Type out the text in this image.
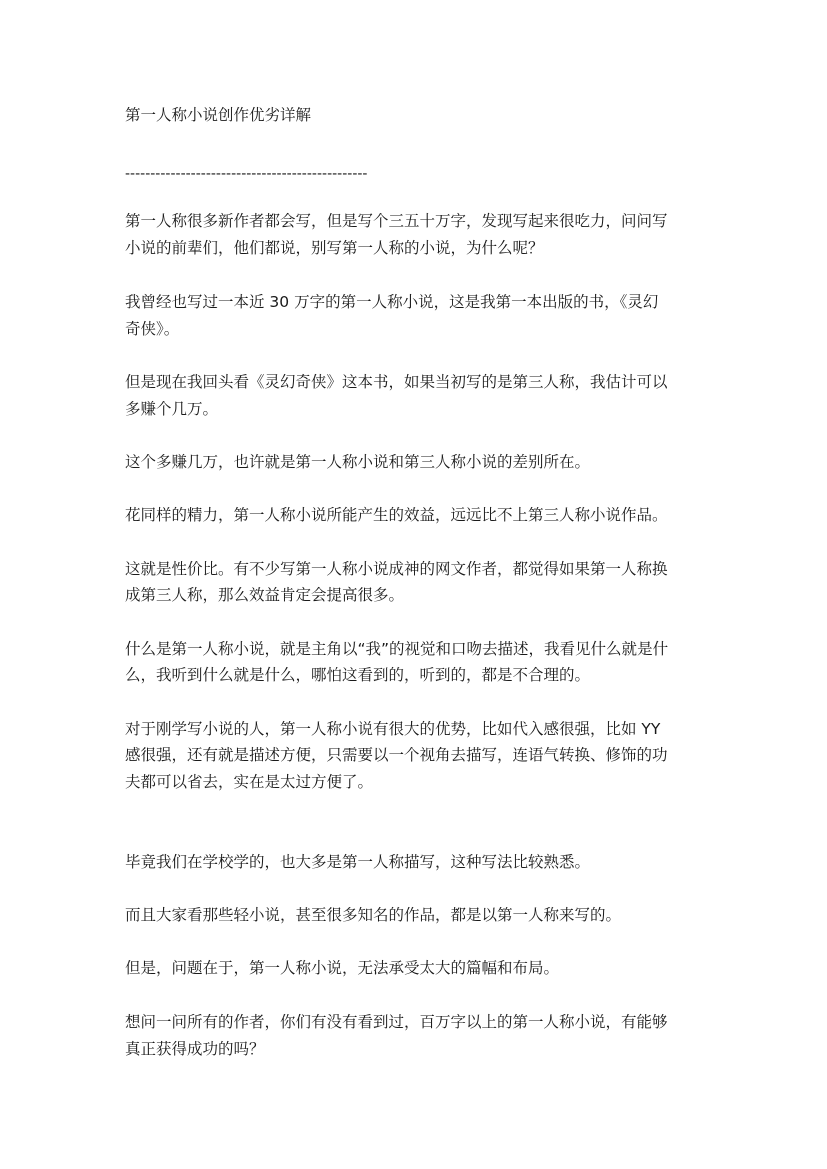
第一人称小说创作优劣详解
------------------------------------------------
第一人称很多新作者都会写，但是写个三五十万字，发现写起来很吃力，问问写
小说的前辈们，他们都说，别写第一人称的小说，为什么呢？
我曾经也写过一本近 30 万字的第一人称小说，这是我第一本出版的书，《灵幻
奇侠》。
但是现在我回头看《灵幻奇侠》这本书，如果当初写的是第三人称，我估计可以
多赚个几万。
这个多赚几万，也许就是第一人称小说和第三人称小说的差别所在。
花同样的精力，第一人称小说所能产生的效益，远远比不上第三人称小说作品。
这就是性价比。有不少写第一人称小说成神的网文作者，都觉得如果第一人称换
成第三人称，那么效益肯定会提高很多。
什么是第一人称小说，就是主角以“我”的视觉和口吻去描述，我看见什么就是什
么，我听到什么就是什么，哪怕这看到的，听到的，都是不合理的。
对于刚学写小说的人，第一人称小说有很大的优势，比如代入感很强，比如 YY
感很强，还有就是描述方便，只需要以一个视角去描写，连语气转换、修饰的功
夫都可以省去，实在是太过方便了。
毕竟我们在学校学的，也大多是第一人称描写，这种写法比较熟悉。
而且大家看那些轻小说，甚至很多知名的作品，都是以第一人称来写的。
但是，问题在于，第一人称小说，无法承受太大的篇幅和布局。
想问一问所有的作者，你们有没有看到过，百万字以上的第一人称小说，有能够
真正获得成功的吗？
